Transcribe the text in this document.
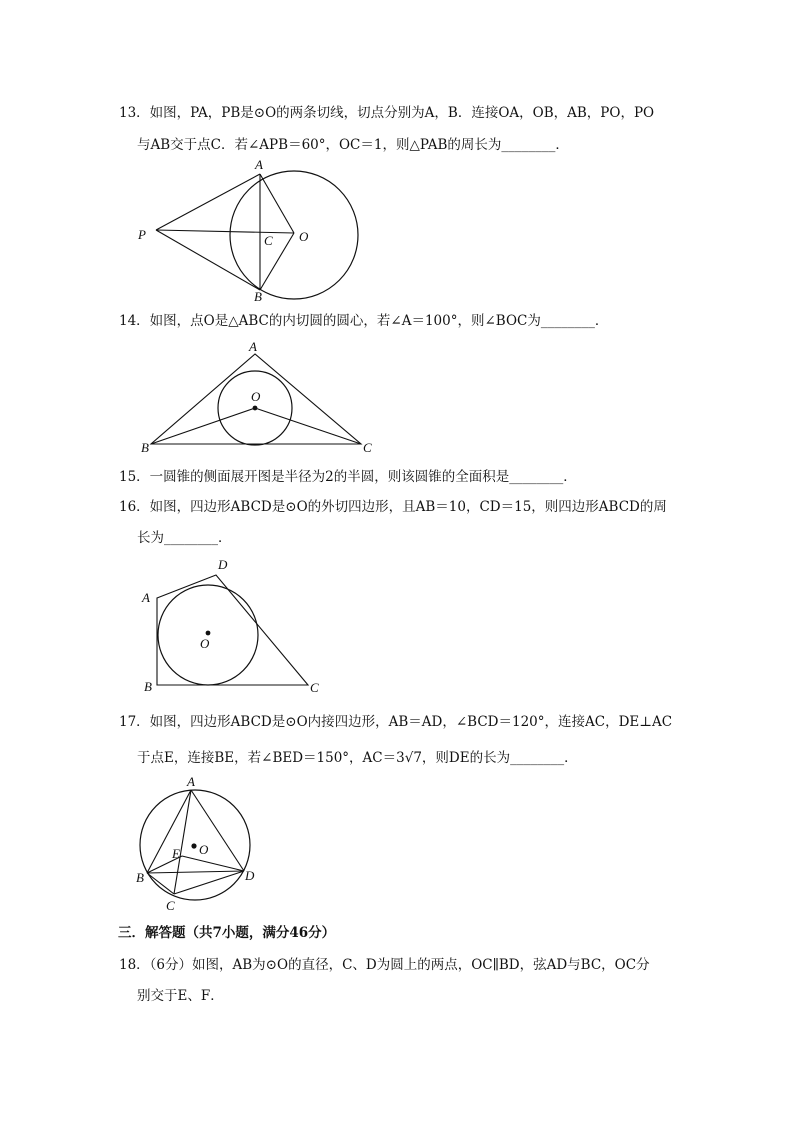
13．如图，PA，PB是⊙O的两条切线，切点分别为A，B．连接OA，OB，AB，PO，PO
与AB交于点C．若∠APB＝60°，OC＝1，则△PAB的周长为________．
A
B
C O
P
14．如图，点O是△ABC的内切圆的圆心，若∠A＝100°，则∠BOC为________．
A
O
B	C
15．一圆锥的侧面展开图是半径为2的半圆，则该圆锥的全面积是________．
16．如图，四边形ABCD是⊙O的外切四边形，且AB＝10，CD＝15，则四边形ABCD的周
长为________．
A
D
O
B	C
17．如图，四边形ABCD是⊙O内接四边形，AB＝AD，∠BCD＝120°，连接AC，DE⊥AC
于点E，连接BE，若∠BED＝150°，AC＝3√7，则DE的长为________．
A
O
E
B	D
C
三．解答题（共7小题，满分46分）
18．（6分）如图，AB为⊙O的直径，C、D为圆上的两点，OC∥BD，弦AD与BC，OC分
别交于E、F．
